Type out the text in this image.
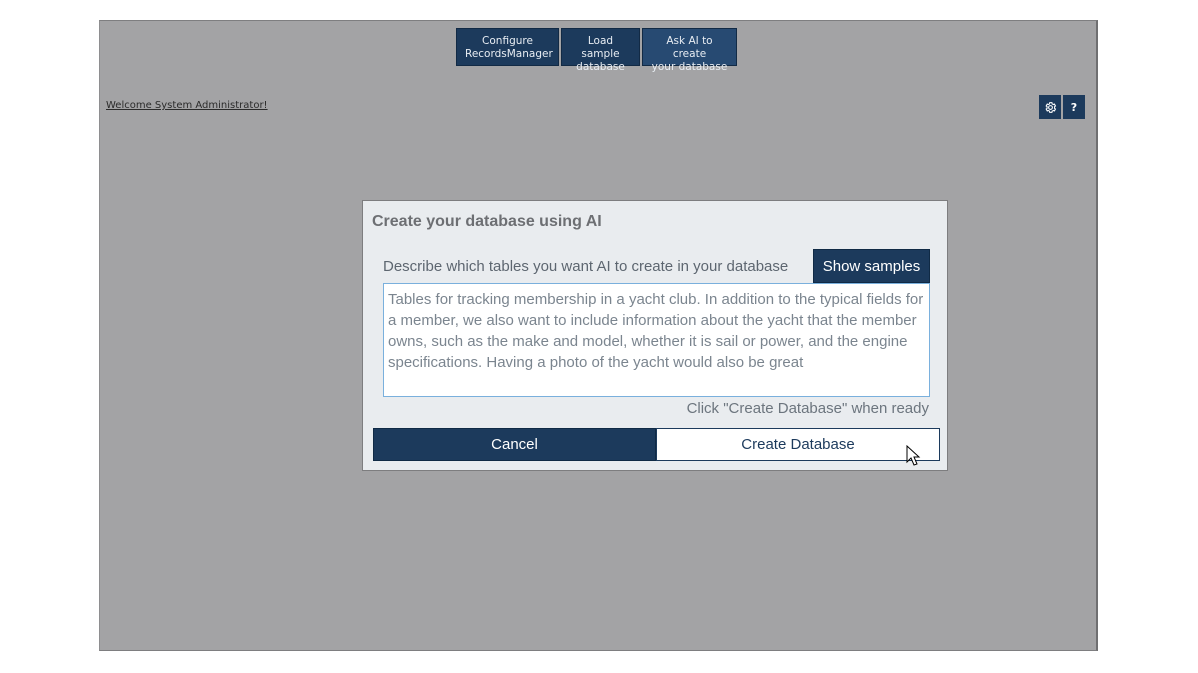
Configure
RecordsManager
Load sample
database
Ask AI to create
your database
Welcome System Administrator!	?
Create your database using AI
Describe which tables you want AI to create in your database	Show samples
Tables for tracking membership in a yacht club. In addition to the typical fields for a member, we also want to include information about the yacht that the member owns, such as the make and model, whether it is sail or power, and the engine specifications. Having a photo of the yacht would also be great
Click "Create Database" when ready
Cancel	Create Database
